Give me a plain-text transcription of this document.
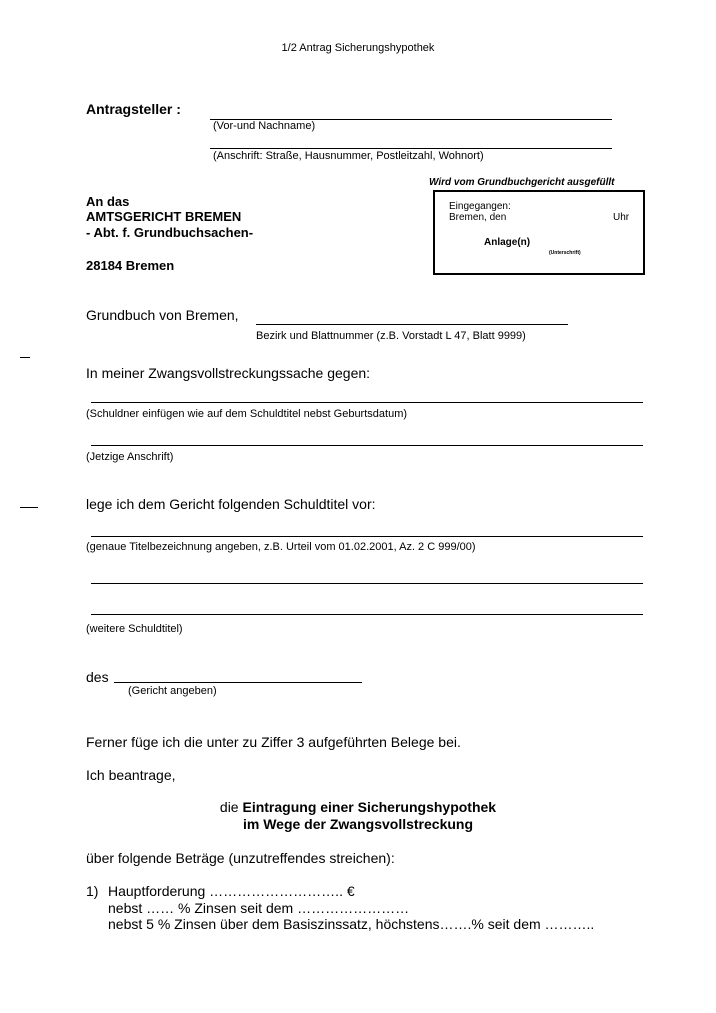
1/2 Antrag Sicherungshypothek
Antragsteller :
(Vor-und Nachname)
(Anschrift: Straße, Hausnummer, Postleitzahl, Wohnort)
An das
AMTSGERICHT BREMEN
- Abt. f. Grundbuchsachen-
28184 Bremen
Wird vom Grundbuchgericht ausgefüllt
Eingegangen:
Bremen, den	Uhr
Anlage(n)
(Unterschrift)
Grundbuch von Bremen,
Bezirk und Blattnummer (z.B. Vorstadt L 47, Blatt 9999)
In meiner Zwangsvollstreckungssache gegen:
(Schuldner einfügen wie auf dem Schuldtitel nebst Geburtsdatum)
(Jetzige Anschrift)
lege ich dem Gericht folgenden Schuldtitel vor:
(genaue Titelbezeichnung angeben, z.B. Urteil vom 01.02.2001, Az. 2 C 999/00)
(weitere Schuldtitel)
des
(Gericht angeben)
Ferner füge ich die unter zu Ziffer 3 aufgeführten Belege bei.
Ich beantrage,
die Eintragung einer Sicherungshypothek
im Wege der Zwangsvollstreckung
über folgende Beträge (unzutreffendes streichen):
1) Hauptforderung ……………………….. €
nebst …… % Zinsen seit dem ……………………
nebst 5 % Zinsen über dem Basiszinssatz, höchstens…….% seit dem ………..
